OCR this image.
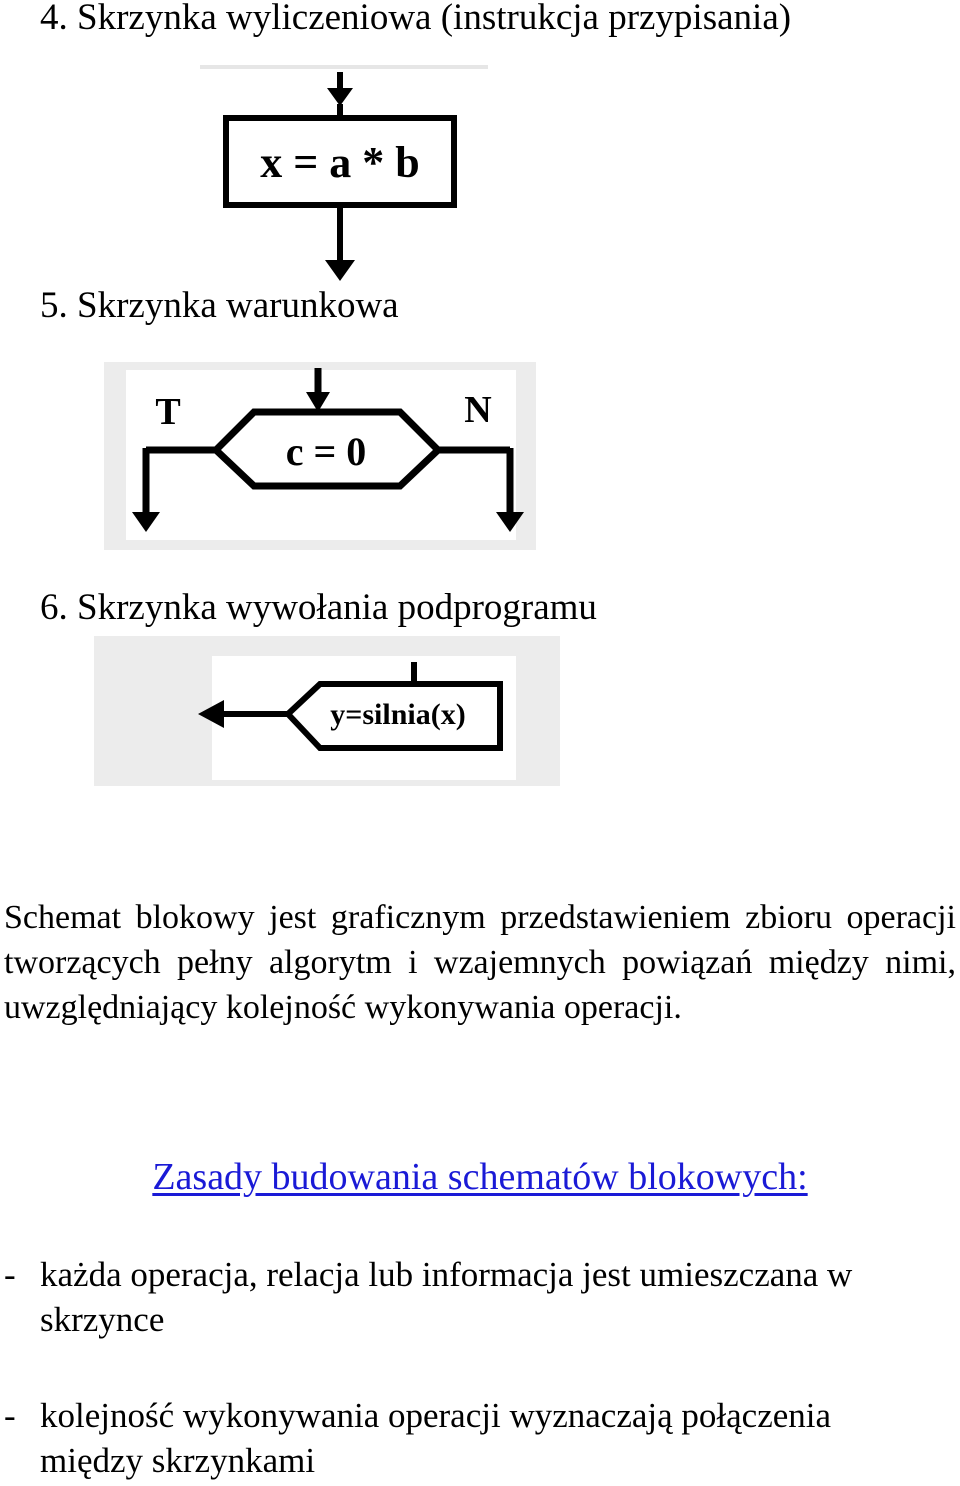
4. Skrzynka wyliczeniowa (instrukcja przypisania)
x = a * b
5. Skrzynka warunkowa
c = 0
T	N
6. Skrzynka wywołania podprogramu
y=silnia(x)
Schemat blokowy jest graficznym przedstawieniem zbioru operacji tworzących pełny algorytm i wzajemnych powiązań między nimi, uwzględniający kolejność wykonywania operacji.
Zasady budowania schematów blokowych:
- każda operacja, relacja lub informacja jest umieszczana w skrzynce
- kolejność wykonywania operacji wyznaczają połączenia między skrzynkami
